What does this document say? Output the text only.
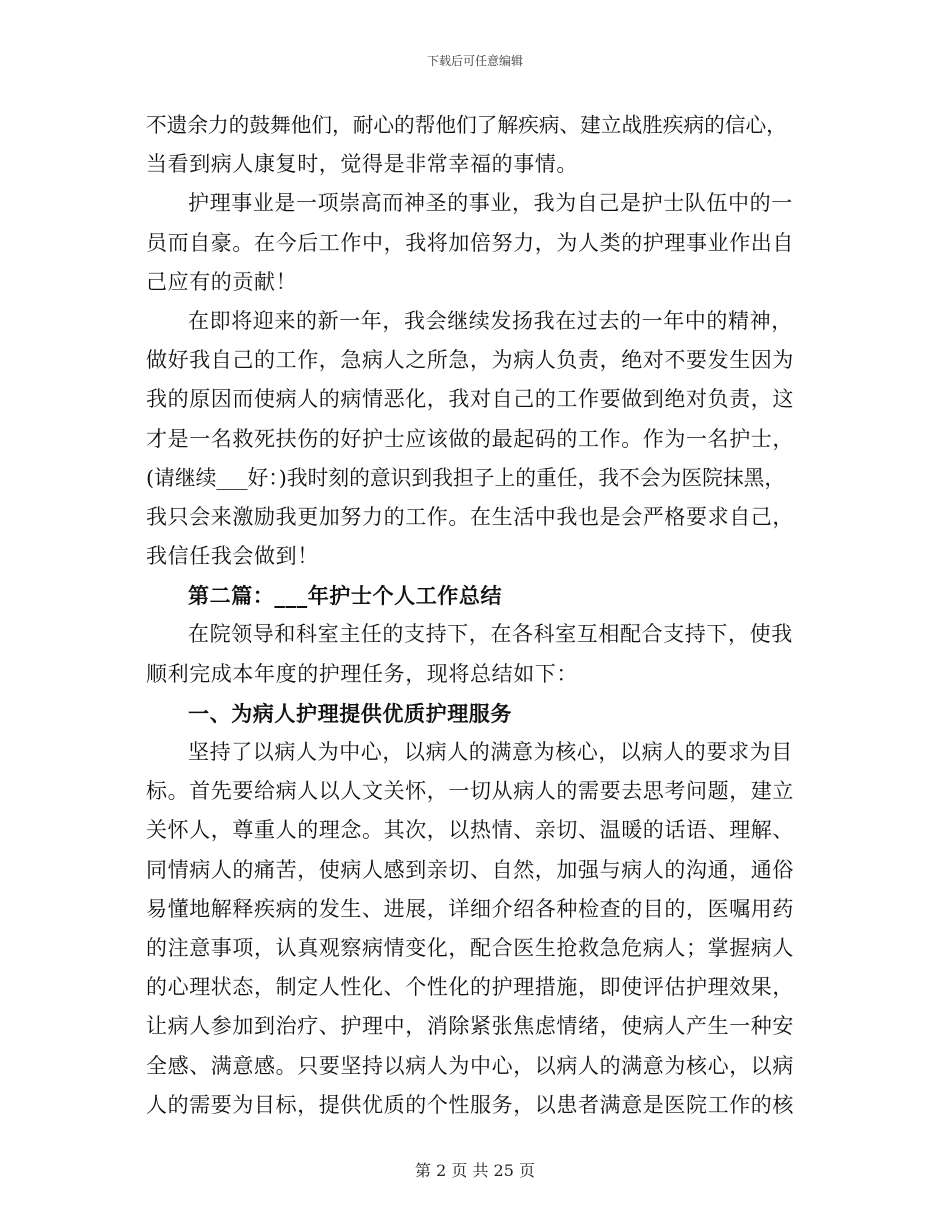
下载后可任意编辑
不遗余力的鼓舞他们，耐心的帮他们了解疾病、建立战胜疾病的信心，
当看到病人康复时，觉得是非常幸福的事情。
护理事业是一项崇高而神圣的事业，我为自己是护士队伍中的一
员而自豪。在今后工作中，我将加倍努力，为人类的护理事业作出自
己应有的贡献！
在即将迎来的新一年，我会继续发扬我在过去的一年中的精神，
做好我自己的工作，急病人之所急，为病人负责，绝对不要发生因为
我的原因而使病人的病情恶化，我对自己的工作要做到绝对负责，这
才是一名救死扶伤的好护士应该做的最起码的工作。作为一名护士，
(请继续___好：)我时刻的意识到我担子上的重任，我不会为医院抹黑，
我只会来激励我更加努力的工作。在生活中我也是会严格要求自己，
我信任我会做到！
第二篇：___年护士个人工作总结
在院领导和科室主任的支持下，在各科室互相配合支持下，使我
顺利完成本年度的护理任务，现将总结如下：
一、为病人护理提供优质护理服务
坚持了以病人为中心，以病人的满意为核心，以病人的要求为目
标。首先要给病人以人文关怀，一切从病人的需要去思考问题，建立
关怀人，尊重人的理念。其次，以热情、亲切、温暖的话语、理解、
同情病人的痛苦，使病人感到亲切、自然，加强与病人的沟通，通俗
易懂地解释疾病的发生、进展，详细介绍各种检查的目的，医嘱用药
的注意事项，认真观察病情变化，配合医生抢救急危病人；掌握病人
的心理状态，制定人性化、个性化的护理措施，即使评估护理效果，
让病人参加到治疗、护理中，消除紧张焦虑情绪，使病人产生一种安
全感、满意感。只要坚持以病人为中心，以病人的满意为核心，以病
人的需要为目标，提供优质的个性服务，以患者满意是医院工作的核
第 2 页 共 25 页
